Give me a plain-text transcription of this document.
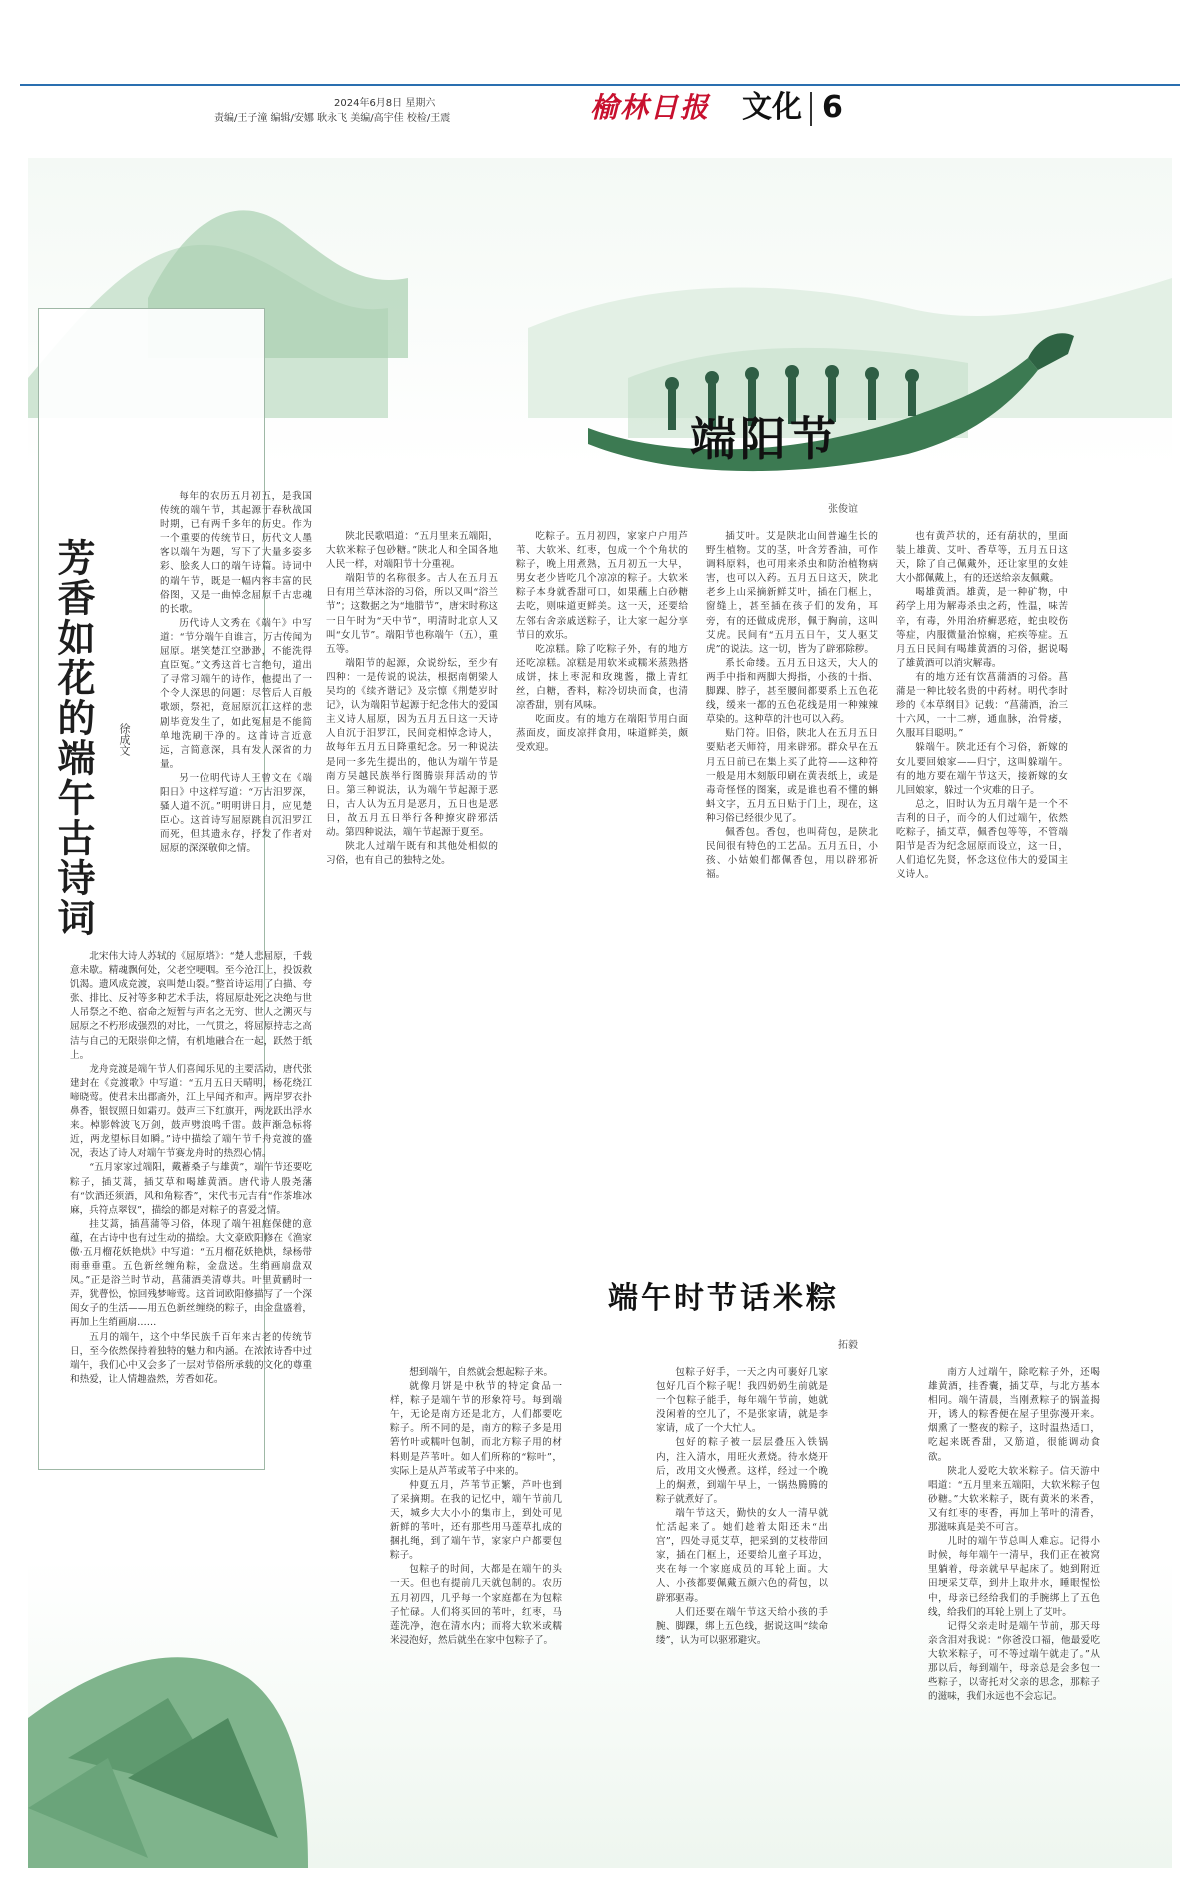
2024年6月8日 星期六
责编/王子潼 编辑/安娜 耿永飞 美编/高宇佳 校检/王震	榆林日报	文化 6
芳香如花的端午古诗词	徐成文

每年的农历五月初五，是我国传统的端午节，其起源于春秋战国时期，已有两千多年的历史。作为一个重要的传统节日，历代文人墨客以端午为题，写下了大量多姿多彩、脍炙人口的端午诗篇。诗词中的端午节，既是一幅内容丰富的民俗图，又是一曲悼念屈原千古忠魂的长歌。

历代诗人文秀在《端午》中写道：“节分端午自谁言，万古传闻为屈原。堪笑楚江空渺渺，不能洗得直臣冤。”文秀这首七言绝句，道出了寻常习端午的诗作，他提出了一个令人深思的问题：尽管后人百般歌颂，祭祀，竟屈原沉江这样的悲剧毕竟发生了，如此冤屈是不能简单地洗刷干净的。这首诗言近意远，言简意深，具有发人深省的力量。

另一位明代诗人王曾文在《端阳日》中这样写道：“万古汨罗深，骚人道不沉。”明明讲日月，应见楚臣心。这首诗写屈原跳自沉汨罗江而死，但其遗永存，抒发了作者对屈原的深深敬仰之情。

北宋伟大诗人苏轼的《屈原塔》：“楚人悲屈原，千载意未歇。精魂飘何处，父老空哽咽。至今沧江上，投饭救饥渴。遗风成竞渡，哀叫楚山裂。”整首诗运用了白描、夸张、排比、反衬等多种艺术手法，将屈原赴死之决绝与世人吊祭之不绝、宿命之短暂与声名之无穷、世人之溯灭与屈原之不朽形成强烈的对比，一气贯之，将屈原持志之高洁与自己的无限崇仰之情，有机地融合在一起，跃然于纸上。

龙舟竞渡是端午节人们喜闻乐见的主要活动，唐代张建封在《竞渡歌》中写道：“五月五日天晴明，杨花绕江啼晓莺。使君未出郡斋外，江上早闻齐和声。两岸罗衣扑鼻香，银钗照日如霜刃。鼓声三下红旗开，两龙跃出浮水来。棹影斡波飞万剑，鼓声劈浪鸣千雷。鼓声渐急标将近，两龙望标目如瞬。”诗中描绘了端午节千舟竞渡的盛况，表达了诗人对端午节赛龙舟时的热烈心情。

“五月家家过端阳，戴蓄桑子与雄黄”，端午节还要吃粽子，插艾蒿，插艾草和喝雄黄酒。唐代诗人殷尧藩有“饮酒还须酒，风和角粽香”，宋代韦元吉有“作茶堆冰麻，兵符点翠钗”，描绘的都是对粽子的喜爱之情。

挂艾蒿，插菖蒲等习俗，体现了端午祖庭保健的意蕴，在古诗中也有过生动的描绘。大文豪欧阳修在《渔家傲·五月榴花妖艳烘》中写道：“五月榴花妖艳烘，绿杨带雨垂垂重。五色新丝缠角粽，金盘送。生绡画扇盘双凤。”正是浴兰时节动，菖蒲酒美清尊共。叶里黄鹂时一弄，犹瞢忪，惊回残梦啼莺。这首词欧阳修描写了一个深闺女子的生活——用五色新丝缠绕的粽子，由金盘盛着，再加上生绡画扇……

五月的端午，这个中华民族千百年来古老的传统节日，至今依然保持着独特的魅力和内涵。在浓浓诗香中过端午，我们心中又会多了一层对节俗所承载的文化的尊重和热爱，让人情趣盎然，芳香如花。

端阳节
张俊谊

陕北民歌唱道：“五月里来五端阳，大软米粽子包砂糖。”陕北人和全国各地人民一样，对端阳节十分重视。

端阳节的名称很多。古人在五月五日有用兰草沐浴的习俗，所以又叫“浴兰节”；这数据之为“地腊节”，唐宋时称这一日午时为“天中节”，明清时北京人又叫“女儿节”。端阳节也称端午（五），重五等。

端阳节的起源，众说纷纭，至少有四种：一是传说的说法，根据南朝梁人吴均的《续齐谐记》及宗懔《荆楚岁时记》，认为端阳节起源于纪念伟大的爱国主义诗人屈原，因为五月五日这一天诗人自沉于汨罗江，民间竞相悼念诗人，故每年五月五日降重纪念。另一种说法是同一多先生提出的，他认为端午节是南方吴越民族举行图腾崇拜活动的节日。第三种说法，认为端午节起源于恶日，古人认为五月是恶月，五日也是恶日，故五月五日举行各种撩灾辟邪活动。第四种说法，端午节起源于夏至。

陕北人过端午既有和其他处相似的习俗，也有自己的独特之处。

吃粽子。五月初四，家家户户用芦苇、大软米、红枣，包成一个个角状的粽子，晚上用煮熟，五月初五一大早，男女老少皆吃几个凉凉的粽子。大软米粽子本身就香甜可口，如果蘸上白砂糖去吃，则味道更鲜美。这一天，还要给左邻右舍亲戚送粽子，让大家一起分享节日的欢乐。

吃凉糕。除了吃粽子外，有的地方还吃凉糕。凉糕是用软米或糯米蒸熟搭成饼，抹上枣泥和玫瑰酱，撒上青红丝，白糖，香料，粽冷切块而食，也清凉香甜，别有风味。

吃面皮。有的地方在端阳节用白面蒸面皮，面皮凉拌食用，味道鲜美，颇受欢迎。

插艾叶。艾是陕北山间普遍生长的野生植物。艾的茎，叶含芳香油，可作调料原料，也可用来杀虫和防治植物病害，也可以入药。五月五日这天，陕北老乡上山采摘新鲜艾叶，插在门框上，窗缝上，甚至插在孩子们的发角，耳旁，有的还做成虎形，佩于胸前，这叫艾虎。民间有“五月五日午，艾人驱艾虎”的说法。这一切，皆为了辟邪除秽。

系长命缕。五月五日这天，大人的两手中指和两脚大拇指，小孩的十指、脚踝、脖子，甚至腰间都要系上五色花线，缓来一都的五色花线是用一种辣辣草染的。这种草的汁也可以入药。

贴门符。旧俗，陕北人在五月五日要贴老天师符，用来辟邪。群众早在五月五日前已在集上买了此符——这种符一般是用木刻版印刷在黄表纸上，或是毒奇怪怪的图案，或是谁也看不懂的蝌蚪文字，五月五日贴于门上，现在，这种习俗已经很少见了。

佩香包。香包，也叫荷包，是陕北民间很有特色的工艺品。五月五日，小孩、小姑娘们都佩香包，用以辟邪祈福。

也有黄芦状的，还有葫状的，里面装上雄黄、艾叶、香草等，五月五日这天，除了自己佩戴外，还让家里的女娃大小都佩戴上，有的还送给亲友佩戴。

喝雄黄酒。雄黄，是一种矿物，中药学上用为解毒杀虫之药，性温，味苦辛，有毒，外用治疥癣恶疮，蛇虫咬伤等症，内服微量治惊痫，疟疾等症。五月五日民间有喝雄黄酒的习俗，据说喝了雄黄酒可以消灾解毒。

有的地方还有饮菖蒲酒的习俗。菖蒲是一种比较名贵的中药材。明代李时珍的《本草纲目》记载：“菖蒲酒，治三十六风，一十二痹，通血脉，治骨痿，久服耳目聪明。”

躲端午。陕北还有个习俗，新嫁的女儿要回娘家——归宁，这叫躲端午。有的地方要在端午节这天，接新嫁的女儿回娘家，躲过一个灾难的日子。

总之，旧时认为五月端午是一个不吉利的日子，而今的人们过端午，依然吃粽子，插艾草，佩香包等等，不管端阳节是否为纪念屈原而设立，这一日，人们追忆先贤，怀念这位伟大的爱国主义诗人。

端午时节话米粽
拓毅

想到端午，自然就会想起粽子来。

就像月饼是中秋节的特定食品一样，粽子是端午节的形象符号。每到端午，无论是南方还是北方，人们都要吃粽子。所不同的是，南方的粽子多是用箬竹叶或糯叶包制，而北方粽子用的材料则是芦苇叶。如人们所称的“粽叶”，实际上是从芦苇或苇子中来的。

仲夏五月，芦苇节正繁，芦叶也到了采摘期。在我的记忆中，端午节前几天，城乡大大小小的集市上，到处可见新鲜的苇叶，还有那些用马莲草扎成的捆扎绳，到了端午节，家家户户都要包粽子。

包粽子的时间，大都是在端午的头一天。但也有提前几天就包制的。农历五月初四，几乎每一个家庭都在为包粽子忙碌。人们将买回的苇叶，红枣，马莲洗净，泡在清水内；而将大软米或糯米浸泡好，然后就坐在家中包粽子了。

包粽子好手，一天之内可裹好几家包好几百个粽子呢！我四奶奶生前就是一个包粽子能手，每年端午节前，她就没闲着的空儿了，不是张家请，就是李家请，成了一个大忙人。

包好的粽子被一层层叠压入铁锅内，注入清水，用旺火煮烧。待水烧开后，改用文火慢煮。这样，经过一个晚上的焖煮，到端午早上，一锅热腾腾的粽子就煮好了。

端午节这天，勤快的女人一清早就忙活起来了。她们趁着太阳还未“出宫”，四处寻觅艾草，把采到的艾枝带回家，插在门框上，还要给儿童子耳边，夹在每一个家庭成员的耳轮上面。大人、小孩都要佩戴五颜六色的荷包，以辟邪驱毒。

人们还要在端午节这天给小孩的手腕、脚踝，绑上五色线，据说这叫“续命缕”，认为可以驱邪避灾。

南方人过端午，除吃粽子外，还喝雄黄酒，挂香囊，插艾草，与北方基本相同。端午清晨，当刚煮粽子的锅盖揭开，诱人的粽香便在屋子里弥漫开来。烟熏了一整夜的粽子，这时温热适口，吃起来既香甜，又筋道，很能调动食欲。

陕北人爱吃大软米粽子。信天游中唱道：“五月里来五端阳，大软米粽子包砂糖。”大软米粽子，既有黄米的米香，又有红枣的枣香，再加上苇叶的清香，那滋味真是美不可言。

儿时的端午节总叫人难忘。记得小时候，每年端午一清早，我们正在被窝里躺着，母亲就早早起床了。她到附近田埂采艾草，到井上取井水，睡眼惺忪中，母亲已经给我们的手腕绑上了五色线，给我们的耳轮上别上了艾叶。

记得父亲走时是端午节前，那天母亲含泪对我说：“你爸没口福，他最爱吃大软米粽子，可不等过端午就走了。”从那以后，每到端午，母亲总是会多包一些粽子，以寄托对父亲的思念，那粽子的滋味，我们永远也不会忘记。
